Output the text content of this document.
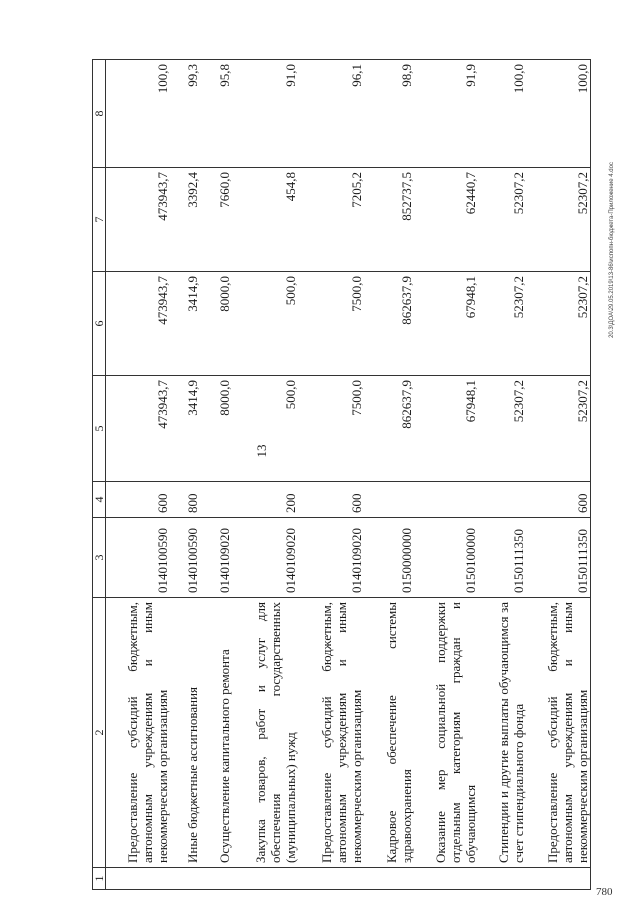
13
1	2	3	4	5	6	7	8
	Предоставление субсидий бюджетным, автономным учреждениям и иным некоммерческим организациям	0140100590	600	473943,7	473943,7	473943,7	100,0
	Иные бюджетные ассигнования	0140100590	800	3414,9	3414,9	3392,4	99,3
	Осуществление капитального ремонта	0140109020		8000,0	8000,0	7660,0	95,8
	Закупка товаров, работ и услуг для обеспечения государственных (муниципальных) нужд	0140109020	200	500,0	500,0	454,8	91,0
	Предоставление субсидий бюджетным, автономным учреждениям и иным некоммерческим организациям	0140109020	600	7500,0	7500,0	7205,2	96,1
	Кадровое обеспечение системы здравоохранения	0150000000		862637,9	862637,9	852737,5	98,9
	Оказание мер социальной поддержки отдельным категориям граждан и обучающимся	0150100000		67948,1	67948,1	62440,7	91,9
	Стипендии и другие выплаты обучающимся за счет стипендиального фонда	0150111350		52307,2	52307,2	52307,2	100,0
	Предоставление субсидий бюджетным, автономным учреждениям и иным некоммерческим организациям	0150111350	600	52307,2	52307,2	52307,2	100,0
20.3\ДОА\29.05.2019\13-86\испопн-бюджета-Приложение 4.doc
780
